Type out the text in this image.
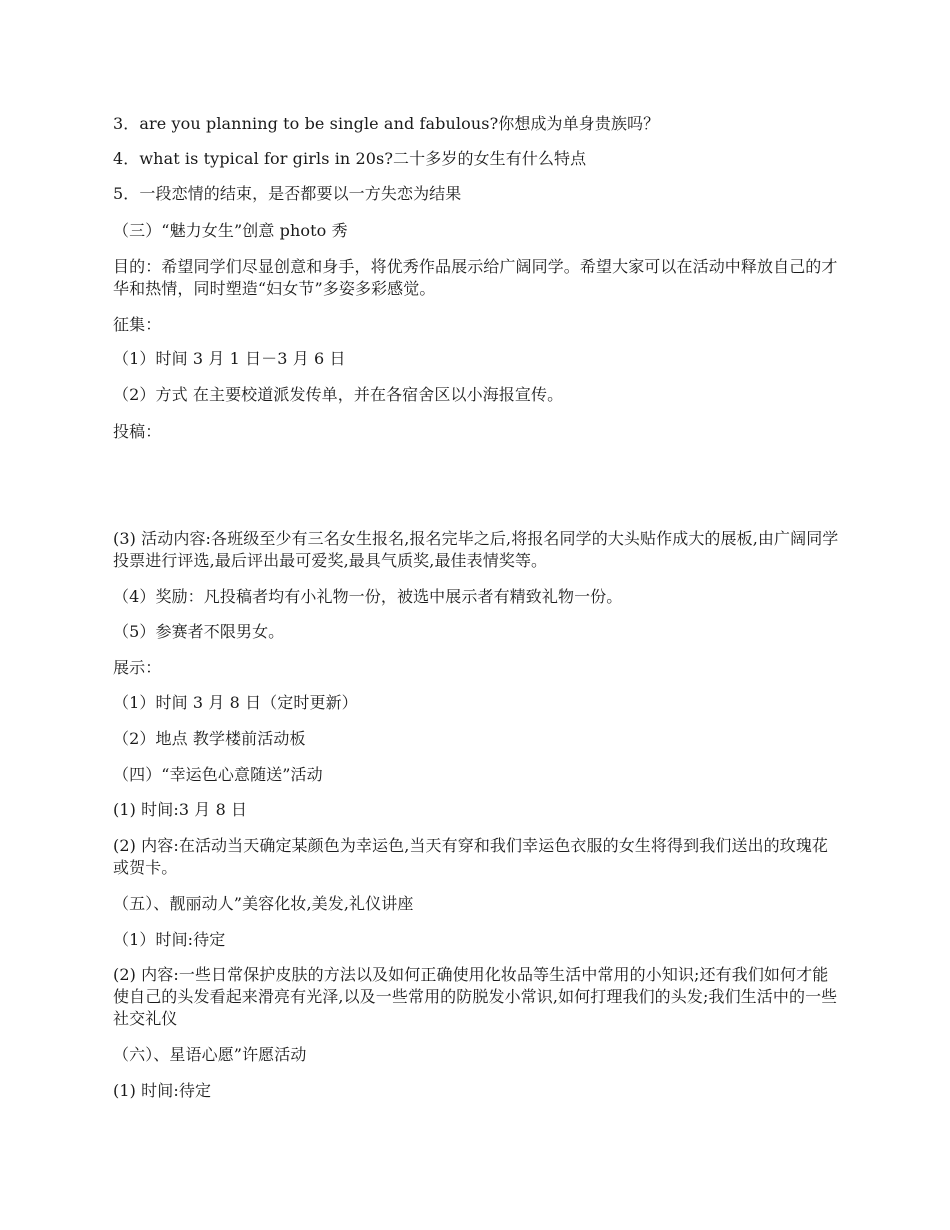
3．are you planning to be single and fabulous?你想成为单身贵族吗？

4．what is typical for girls in 20s?二十多岁的女生有什么特点

5．一段恋情的结束，是否都要以一方失恋为结果

（三）“魅力女生”创意 photo 秀

目的：希望同学们尽显创意和身手，将优秀作品展示给广阔同学。希望大家可以在活动中释放自己的才华和热情，同时塑造“妇女节”多姿多彩感觉。

征集：

（1）时间 3 月 1 日－3 月 6 日

（2）方式 在主要校道派发传单，并在各宿舍区以小海报宣传。

投稿：

(3) 活动内容:各班级至少有三名女生报名,报名完毕之后,将报名同学的大头贴作成大的展板,由广阔同学投票进行评选,最后评出最可爱奖,最具气质奖,最佳表情奖等。

（4）奖励：凡投稿者均有小礼物一份，被选中展示者有精致礼物一份。

（5）参赛者不限男女。

展示：

（1）时间 3 月 8 日（定时更新）

（2）地点 教学楼前活动板

（四）“幸运色心意随送”活动

(1) 时间:3 月 8 日

(2) 内容:在活动当天确定某颜色为幸运色,当天有穿和我们幸运色衣服的女生将得到我们送出的玫瑰花或贺卡。

（五）、靓丽动人”美容化妆,美发,礼仪讲座

（1）时间:待定

(2) 内容:一些日常保护皮肤的方法以及如何正确使用化妆品等生活中常用的小知识;还有我们如何才能使自己的头发看起来滑亮有光泽,以及一些常用的防脱发小常识,如何打理我们的头发;我们生活中的一些社交礼仪

（六）、星语心愿”许愿活动

(1) 时间:待定
